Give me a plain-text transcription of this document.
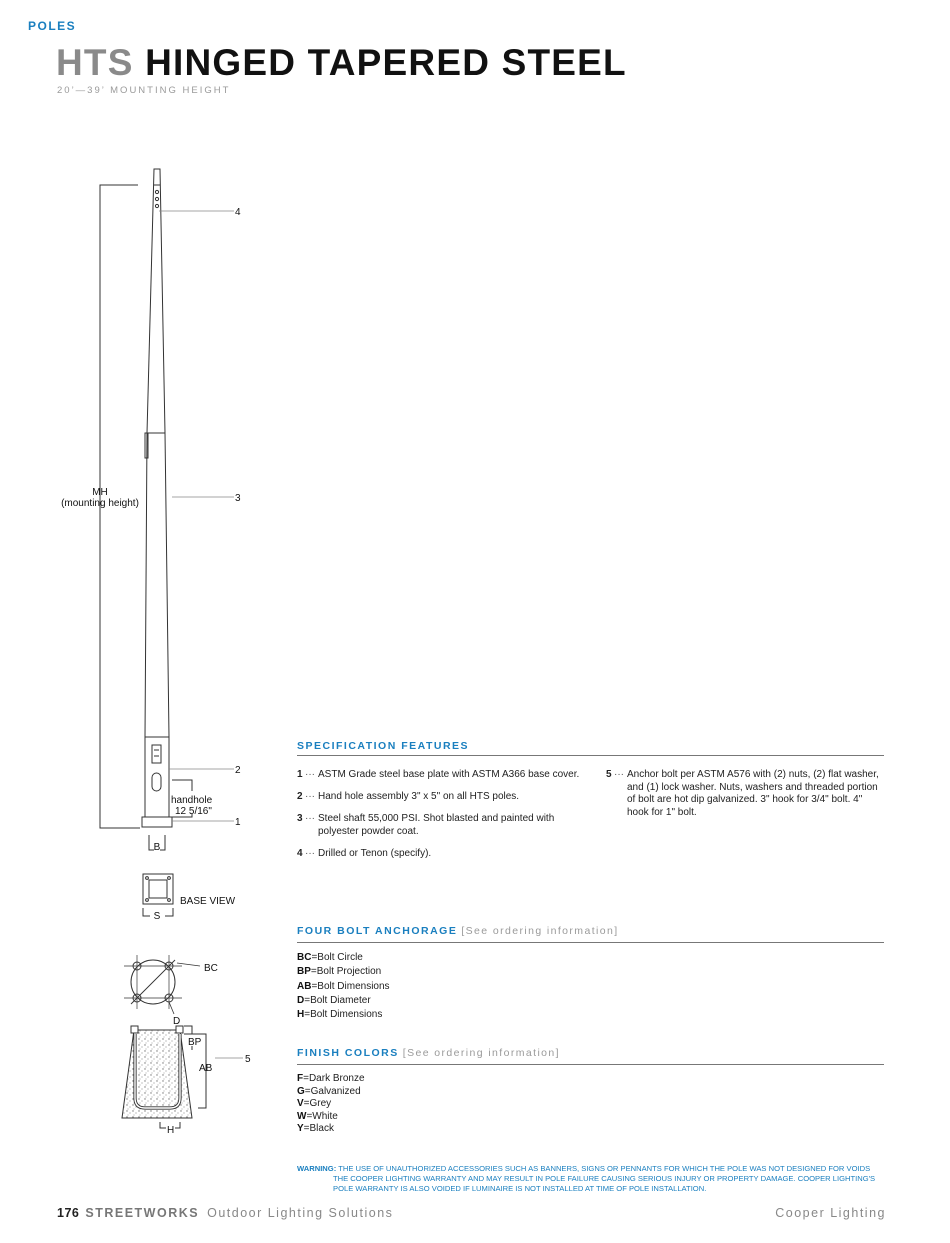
POLES
HTS HINGED TAPERED STEEL
20’—39’ MOUNTING HEIGHT
MH
(mounting height)
4
3
2
1
5
handhole
12 5/16"
B
S
BASE VIEW
BC
D
BP
AB
H
SPECIFICATION FEATURES
1 ··· ASTM Grade steel base plate with ASTM A366 base cover.
2 ··· Hand hole assembly 3" x 5" on all HTS poles.
3 ··· Steel shaft 55,000 PSI. Shot blasted and painted with polyester powder coat.
4 ··· Drilled or Tenon (specify).
5 ··· Anchor bolt per ASTM A576 with (2) nuts, (2) flat washer, and (1) lock washer. Nuts, washers and threaded portion of bolt are hot dip galvanized. 3" hook for 3/4" bolt. 4" hook for 1" bolt.
FOUR BOLT ANCHORAGE [See ordering information]
BC=Bolt Circle
BP=Bolt Projection
AB=Bolt Dimensions
D=Bolt Diameter
H=Bolt Dimensions
FINISH COLORS [See ordering information]
F=Dark Bronze
G=Galvanized
V=Grey
W=White
Y=Black
WARNING: THE USE OF UNAUTHORIZED ACCESSORIES SUCH AS BANNERS, SIGNS OR PENNANTS FOR WHICH THE POLE WAS NOT DESIGNED FOR VOIDS THE COOPER LIGHTING WARRANTY AND MAY RESULT IN POLE FAILURE CAUSING SERIOUS INJURY OR PROPERTY DAMAGE. COOPER LIGHTING'S POLE WARRANTY IS ALSO VOIDED IF LUMINAIRE IS NOT INSTALLED AT TIME OF POLE INSTALLATION.
176 STREETWORKS Outdoor Lighting Solutions	Cooper Lighting
